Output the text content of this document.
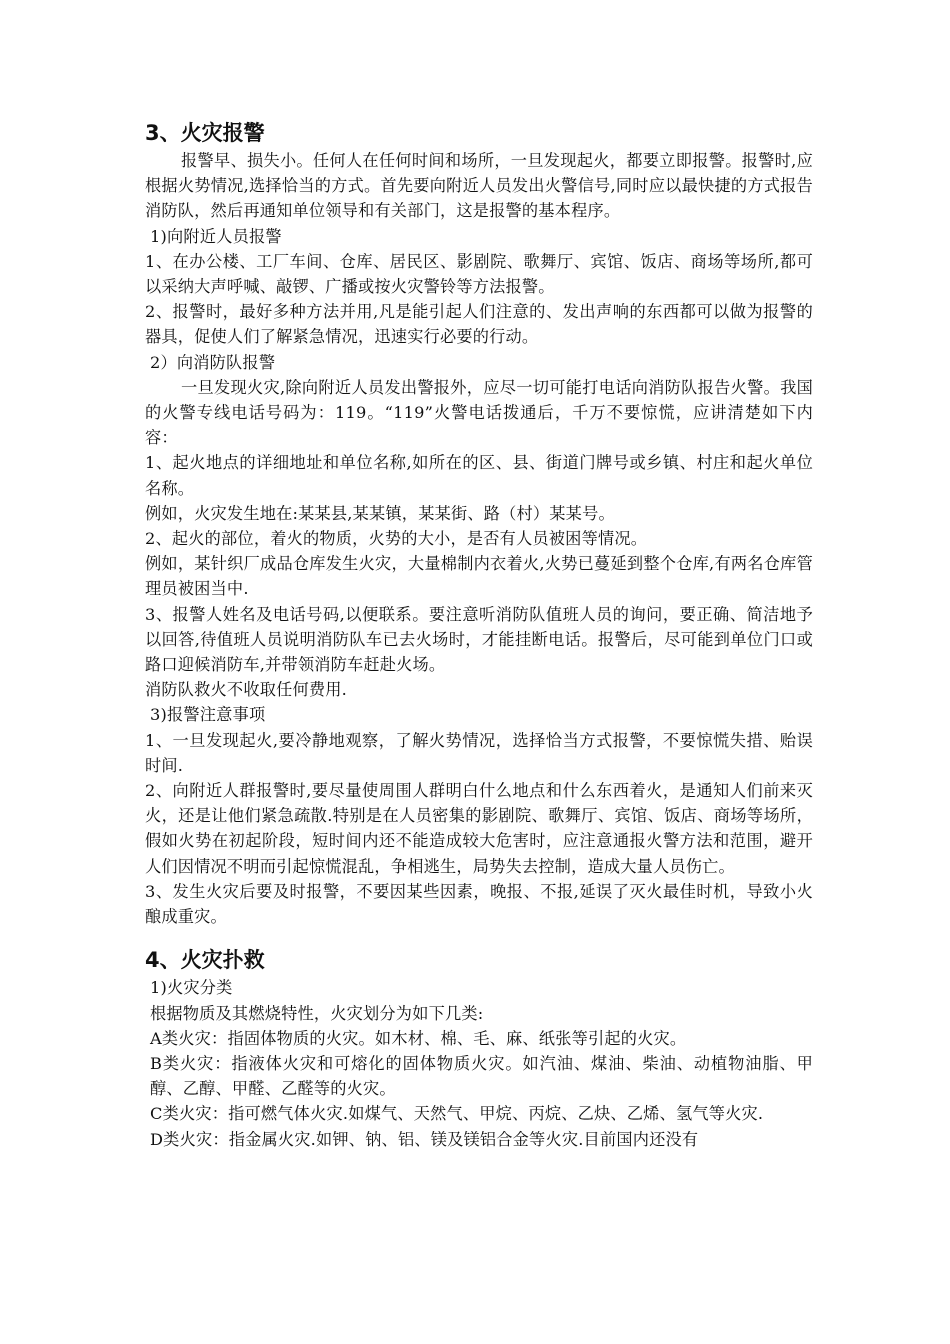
3、火灾报警

报警早、损失小。任何人在任何时间和场所，一旦发现起火，都要立即报警。报警时,应根据火势情况,选择恰当的方式。首先要向附近人员发出火警信号,同时应以最快捷的方式报告消防队，然后再通知单位领导和有关部门，这是报警的基本程序。

1)向附近人员报警

1、在办公楼、工厂车间、仓库、居民区、影剧院、歌舞厅、宾馆、饭店、商场等场所,都可以采纳大声呼喊、敲锣、广播或按火灾警铃等方法报警。

2、报警时，最好多种方法并用,凡是能引起人们注意的、发出声响的东西都可以做为报警的器具，促使人们了解紧急情况，迅速实行必要的行动。

2）向消防队报警

一旦发现火灾,除向附近人员发出警报外，应尽一切可能打电话向消防队报告火警。我国的火警专线电话号码为：119。“119”火警电话拨通后，千万不要惊慌，应讲清楚如下内容：

1、起火地点的详细地址和单位名称,如所在的区、县、街道门牌号或乡镇、村庄和起火单位名称。

例如，火灾发生地在:某某县,某某镇，某某街、路（村）某某号。

2、起火的部位，着火的物质，火势的大小，是否有人员被困等情况。

例如，某针织厂成品仓库发生火灾，大量棉制内衣着火,火势已蔓延到整个仓库,有两名仓库管理员被困当中.

3、报警人姓名及电话号码,以便联系。要注意听消防队值班人员的询问，要正确、简洁地予以回答,待值班人员说明消防队车已去火场时，才能挂断电话。报警后，尽可能到单位门口或路口迎候消防车,并带领消防车赶赴火场。

消防队救火不收取任何费用.

3)报警注意事项

1、一旦发现起火,要冷静地观察，了解火势情况，选择恰当方式报警，不要惊慌失措、贻误时间.

2、向附近人群报警时,要尽量使周围人群明白什么地点和什么东西着火，是通知人们前来灭火，还是让他们紧急疏散.特别是在人员密集的影剧院、歌舞厅、宾馆、饭店、商场等场所，假如火势在初起阶段，短时间内还不能造成较大危害时，应注意通报火警方法和范围，避开人们因情况不明而引起惊慌混乱，争相逃生，局势失去控制，造成大量人员伤亡。

3、发生火灾后要及时报警，不要因某些因素，晚报、不报,延误了灭火最佳时机，导致小火酿成重灾。

4、火灾扑救

1)火灾分类

根据物质及其燃烧特性，火灾划分为如下几类:

A类火灾：指固体物质的火灾。如木材、棉、毛、麻、纸张等引起的火灾。

B类火灾：指液体火灾和可熔化的固体物质火灾。如汽油、煤油、柴油、动植物油脂、甲醇、乙醇、甲醛、乙醛等的火灾。

C类火灾：指可燃气体火灾.如煤气、天然气、甲烷、丙烷、乙炔、乙烯、氢气等火灾.

D类火灾：指金属火灾.如钾、钠、铝、镁及镁铝合金等火灾.目前国内还没有
